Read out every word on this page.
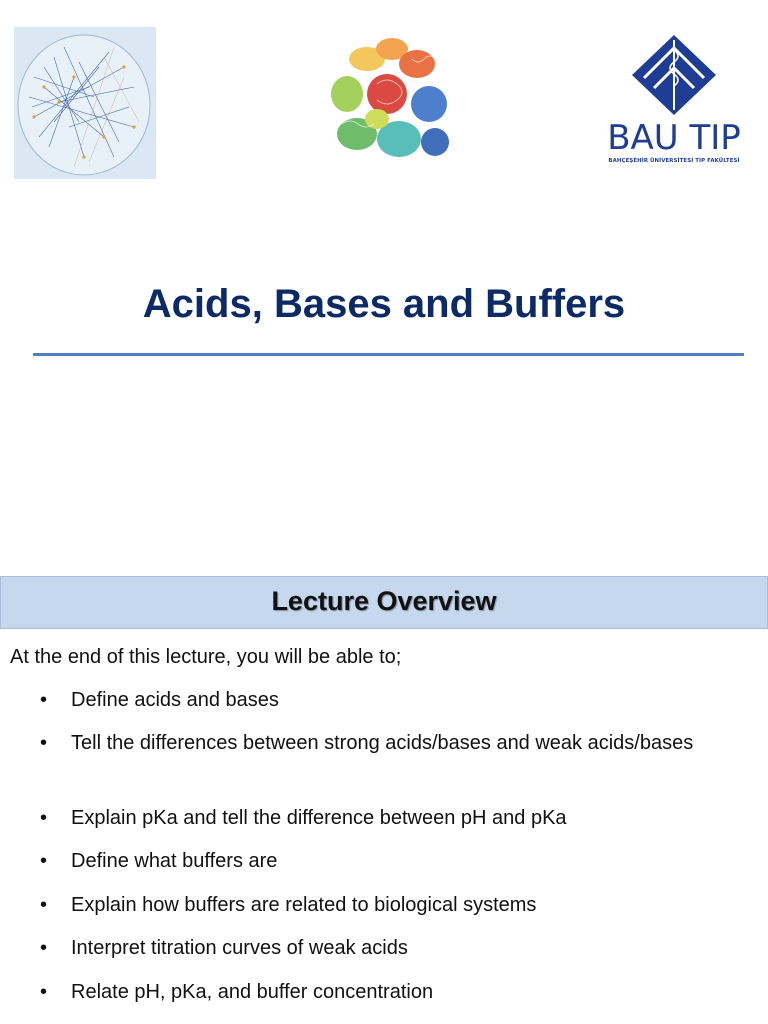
BAU TIP
BAHÇEŞEHİR ÜNİVERSİTESİ TIP FAKÜLTESİ
Acids, Bases and Buffers
Lecture Overview
At the end of this lecture, you will be able to;
• Define acids and bases
• Tell the differences between strong acids/bases and weak acids/bases
• Explain pKa and tell the difference between pH and pKa
• Define what buffers are
• Explain how buffers are related to biological systems
• Interpret titration curves of weak acids
• Relate pH, pKa, and buffer concentration
